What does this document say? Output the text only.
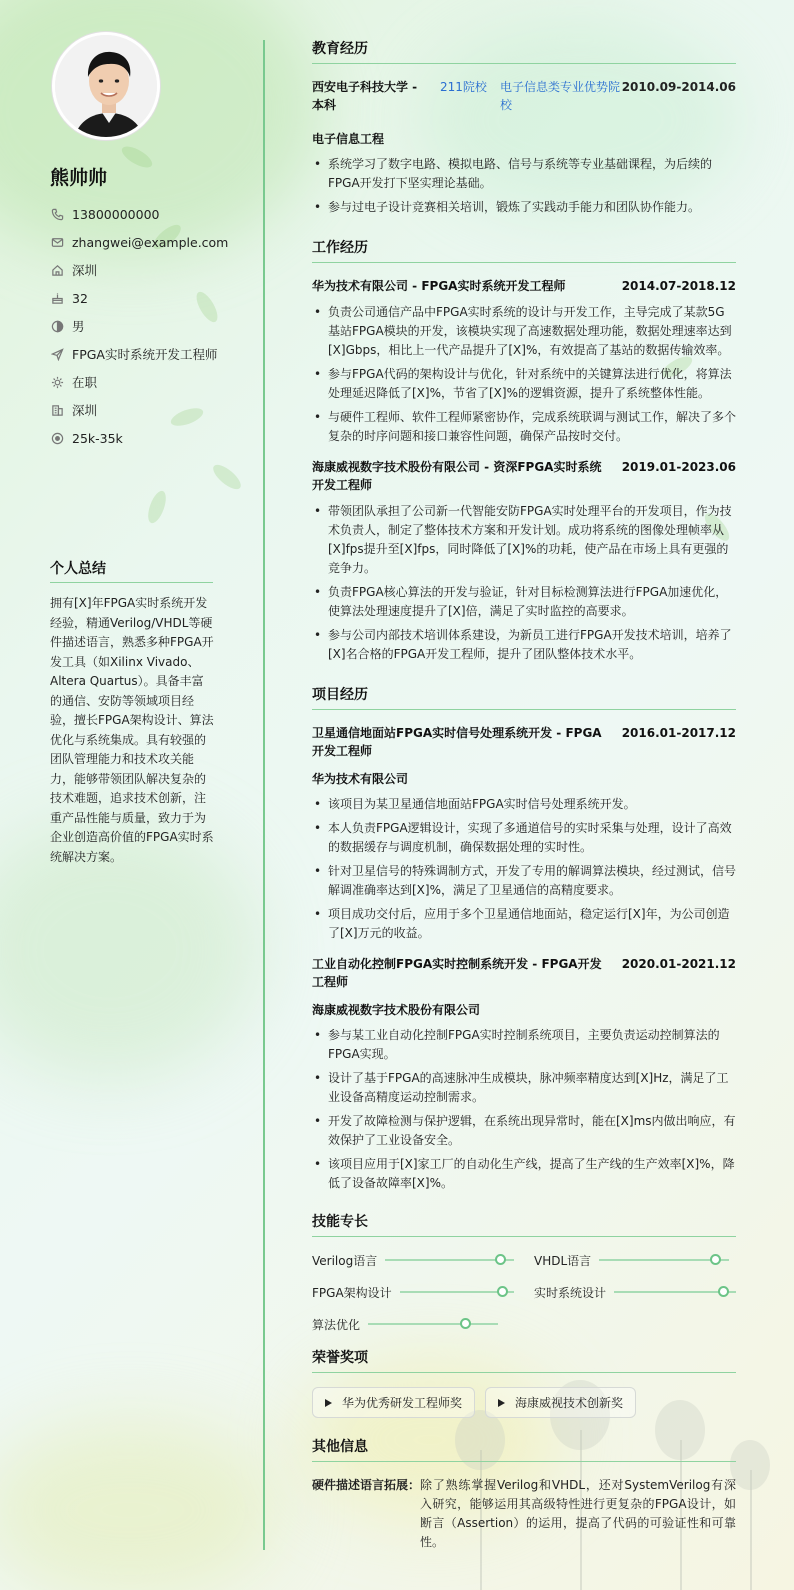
熊帅帅
13800000000
zhangwei@example.com
深圳
32
男
FPGA实时系统开发工程师
在职
深圳
25k-35k
个人总结
拥有[X]年FPGA实时系统开发经验，精通Verilog/VHDL等硬件描述语言，熟悉多种FPGA开发工具（如Xilinx Vivado、Altera Quartus）。具备丰富的通信、安防等领域项目经验，擅长FPGA架构设计、算法优化与系统集成。具有较强的团队管理能力和技术攻关能力，能够带领团队解决复杂的技术难题，追求技术创新，注重产品性能与质量，致力于为企业创造高价值的FPGA实时系统解决方案。
教育经历
西安电子科技大学 - 本科
211院校 电子信息类专业优势院校
2010.09-2014.06
电子信息工程
• 系统学习了数字电路、模拟电路、信号与系统等专业基础课程，为后续的FPGA开发打下坚实理论基础。
• 参与过电子设计竞赛相关培训，锻炼了实践动手能力和团队协作能力。
工作经历
华为技术有限公司 - FPGA实时系统开发工程师	2014.07-2018.12
• 负责公司通信产品中FPGA实时系统的设计与开发工作，主导完成了某款5G基站FPGA模块的开发，该模块实现了高速数据处理功能，数据处理速率达到[X]Gbps，相比上一代产品提升了[X]%，有效提高了基站的数据传输效率。
• 参与FPGA代码的架构设计与优化，针对系统中的关键算法进行优化，将算法处理延迟降低了[X]%，节省了[X]%的逻辑资源，提升了系统整体性能。
• 与硬件工程师、软件工程师紧密协作，完成系统联调与测试工作，解决了多个复杂的时序问题和接口兼容性问题，确保产品按时交付。
海康威视数字技术股份有限公司 - 资深FPGA实时系统开发工程师
2019.01-2023.06
• 带领团队承担了公司新一代智能安防FPGA实时处理平台的开发项目，作为技术负责人，制定了整体技术方案和开发计划。成功将系统的图像处理帧率从[X]fps提升至[X]fps，同时降低了[X]%的功耗，使产品在市场上具有更强的竞争力。
• 负责FPGA核心算法的开发与验证，针对目标检测算法进行FPGA加速优化，使算法处理速度提升了[X]倍，满足了实时监控的高要求。
• 参与公司内部技术培训体系建设，为新员工进行FPGA开发技术培训，培养了[X]名合格的FPGA开发工程师，提升了团队整体技术水平。
项目经历
卫星通信地面站FPGA实时信号处理系统开发 - FPGA开发工程师
2016.01-2017.12
华为技术有限公司
• 该项目为某卫星通信地面站FPGA实时信号处理系统开发。
• 本人负责FPGA逻辑设计，实现了多通道信号的实时采集与处理，设计了高效的数据缓存与调度机制，确保数据处理的实时性。
• 针对卫星信号的特殊调制方式，开发了专用的解调算法模块，经过测试，信号解调准确率达到[X]%，满足了卫星通信的高精度要求。
• 项目成功交付后，应用于多个卫星通信地面站，稳定运行[X]年，为公司创造了[X]万元的收益。
工业自动化控制FPGA实时控制系统开发 - FPGA开发工程师
2020.01-2021.12
海康威视数字技术股份有限公司
• 参与某工业自动化控制FPGA实时控制系统项目，主要负责运动控制算法的FPGA实现。
• 设计了基于FPGA的高速脉冲生成模块，脉冲频率精度达到[X]Hz，满足了工业设备高精度运动控制需求。
• 开发了故障检测与保护逻辑，在系统出现异常时，能在[X]ms内做出响应，有效保护了工业设备安全。
• 该项目应用于[X]家工厂的自动化生产线，提高了生产线的生产效率[X]%，降低了设备故障率[X]%。
技能专长
Verilog语言	VHDL语言
FPGA架构设计	实时系统设计
算法优化
荣誉奖项
华为优秀研发工程师奖	海康威视技术创新奖
其他信息
硬件描述语言拓展： 除了熟练掌握Verilog和VHDL，还对SystemVerilog有深入研究，能够运用其高级特性进行更复杂的FPGA设计，如断言（Assertion）的运用，提高了代码的可验证性和可靠性。
